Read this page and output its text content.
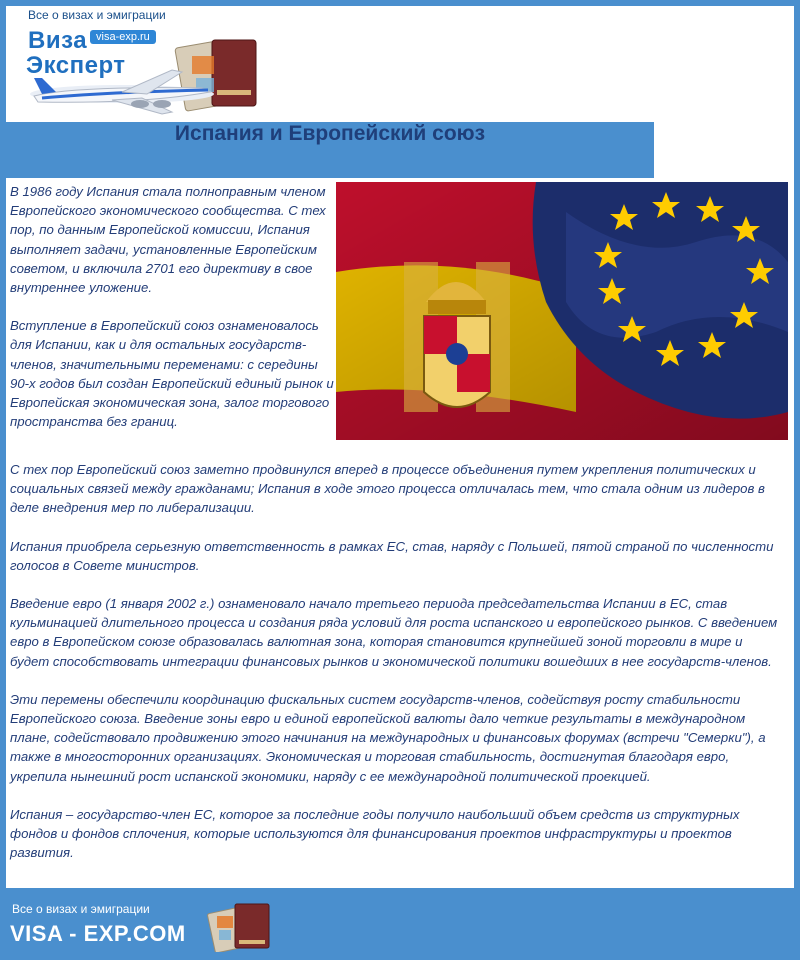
Все о визах и эмиграции
Виза
Эксперт
visa-exp.ru
Испания и Европейский союз

В 1986 году Испания стала полноправным членом Европейского экономического сообщества. С тех пор, по данным Европейской комиссии, Испания выполняет задачи, установленные Европейским советом, и включила 2701 его директиву в свое внутреннее уложение.

Вступление в Европейский союз ознаменовалось для Испании, как и для остальных государств-членов, значительными переменами: с середины 90-х годов был создан Европейский единый рынок и Европейская экономическая зона, залог торгового пространства без границ.

С тех пор Европейский союз заметно продвинулся вперед в процессе объединения путем укрепления политических и социальных связей между гражданами; Испания в ходе этого процесса отличалась тем, что стала одним из лидеров в деле внедрения мер по либерализации.

Испания приобрела серьезную ответственность в рамках ЕС, став, наряду с Польшей, пятой страной по численности голосов в Совете министров.

Введение евро (1 января 2002 г.) ознаменовало начало третьего периода председательства Испании в ЕС, став кульминацией длительного процесса и создания ряда условий для роста испанского и европейского рынков. С введением евро в Европейском союзе образовалась валютная зона, которая становится крупнейшей зоной торговли в мире и будет способствовать интеграции финансовых рынков и экономической политики вошедших в нее государств-членов.

Эти перемены обеспечили координацию фискальных систем государств-членов, содействуя росту стабильности Европейского союза. Введение зоны евро и единой европейской валюты дало четкие результаты в международном плане, содействовало продвижению этого начинания на международных и финансовых форумах (встречи "Семерки"), а также в многосторонних организациях. Экономическая и торговая стабильность, достигнутая благодаря евро, укрепила нынешний рост испанской экономики, наряду с ее международной политической проекцией.

Испания – государство-член ЕС, которое за последние годы получило наибольший объем средств из структурных фондов и фондов сплочения, которые используются для финансирования проектов инфраструктуры и проектов развития.

Все о визах и эмиграции
VISA - EXP.COM
